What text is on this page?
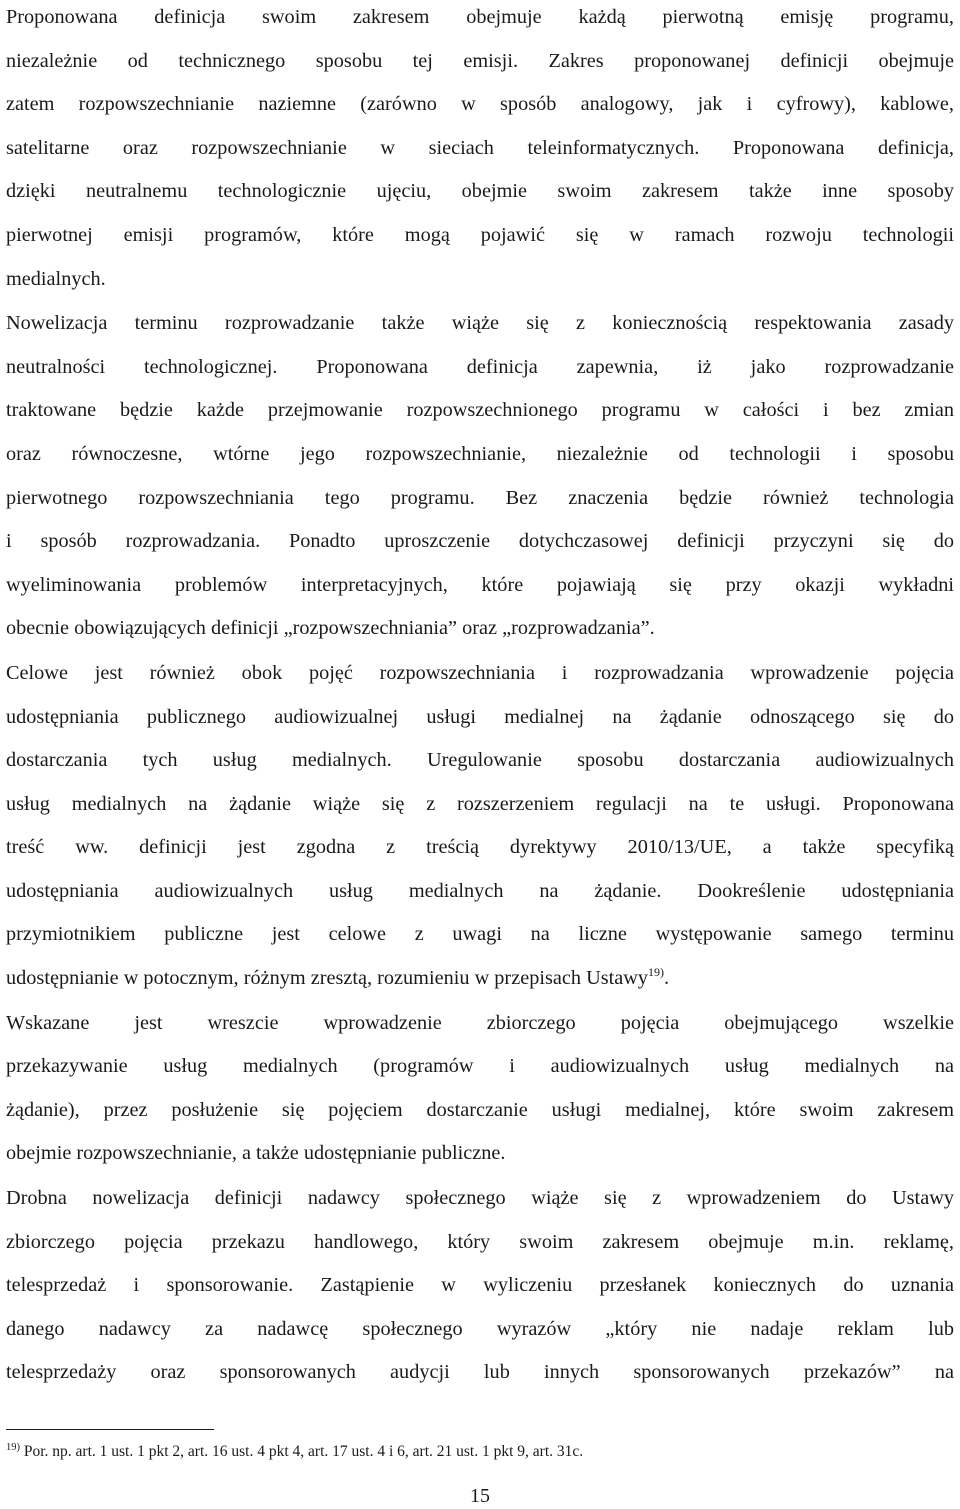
Proponowana definicja swoim zakresem obejmuje każdą pierwotną emisję programu,
niezależnie od technicznego sposobu tej emisji. Zakres proponowanej definicji obejmuje
zatem rozpowszechnianie naziemne (zarówno w sposób analogowy, jak i cyfrowy), kablowe,
satelitarne oraz rozpowszechnianie w sieciach teleinformatycznych. Proponowana definicja,
dzięki neutralnemu technologicznie ujęciu, obejmie swoim zakresem także inne sposoby
pierwotnej emisji programów, które mogą pojawić się w ramach rozwoju technologii
medialnych.

Nowelizacja terminu rozprowadzanie także wiąże się z koniecznością respektowania zasady
neutralności technologicznej. Proponowana definicja zapewnia, iż jako rozprowadzanie
traktowane będzie każde przejmowanie rozpowszechnionego programu w całości i bez zmian
oraz równoczesne, wtórne jego rozpowszechnianie, niezależnie od technologii i sposobu
pierwotnego rozpowszechniania tego programu. Bez znaczenia będzie również technologia
i sposób rozprowadzania. Ponadto uproszczenie dotychczasowej definicji przyczyni się do
wyeliminowania problemów interpretacyjnych, które pojawiają się przy okazji wykładni
obecnie obowiązujących definicji „rozpowszechniania” oraz „rozprowadzania”.

Celowe jest również obok pojęć rozpowszechniania i rozprowadzania wprowadzenie pojęcia
udostępniania publicznego audiowizualnej usługi medialnej na żądanie odnoszącego się do
dostarczania tych usług medialnych. Uregulowanie sposobu dostarczania audiowizualnych
usług medialnych na żądanie wiąże się z rozszerzeniem regulacji na te usługi. Proponowana
treść ww. definicji jest zgodna z treścią dyrektywy 2010/13/UE, a także specyfiką
udostępniania audiowizualnych usług medialnych na żądanie. Dookreślenie udostępniania
przymiotnikiem publiczne jest celowe z uwagi na liczne występowanie samego terminu
udostępnianie w potocznym, różnym zresztą, rozumieniu w przepisach Ustawy$^{19)}$.

Wskazane jest wreszcie wprowadzenie zbiorczego pojęcia obejmującego wszelkie
przekazywanie usług medialnych (programów i audiowizualnych usług medialnych na
żądanie), przez posłużenie się pojęciem dostarczanie usługi medialnej, które swoim zakresem
obejmie rozpowszechnianie, a także udostępnianie publiczne.

Drobna nowelizacja definicji nadawcy społecznego wiąże się z wprowadzeniem do Ustawy
zbiorczego pojęcia przekazu handlowego, który swoim zakresem obejmuje m.in. reklamę,
telesprzedaż i sponsorowanie. Zastąpienie w wyliczeniu przesłanek koniecznych do uznania
danego nadawcy za nadawcę społecznego wyrazów „który nie nadaje reklam lub
telesprzedaży oraz sponsorowanych audycji lub innych sponsorowanych przekazów” na

$^{19)}$ Por. np. art. 1 ust. 1 pkt 2, art. 16 ust. 4 pkt 4, art. 17 ust. 4 i 6, art. 21 ust. 1 pkt 9, art. 31c.
15
